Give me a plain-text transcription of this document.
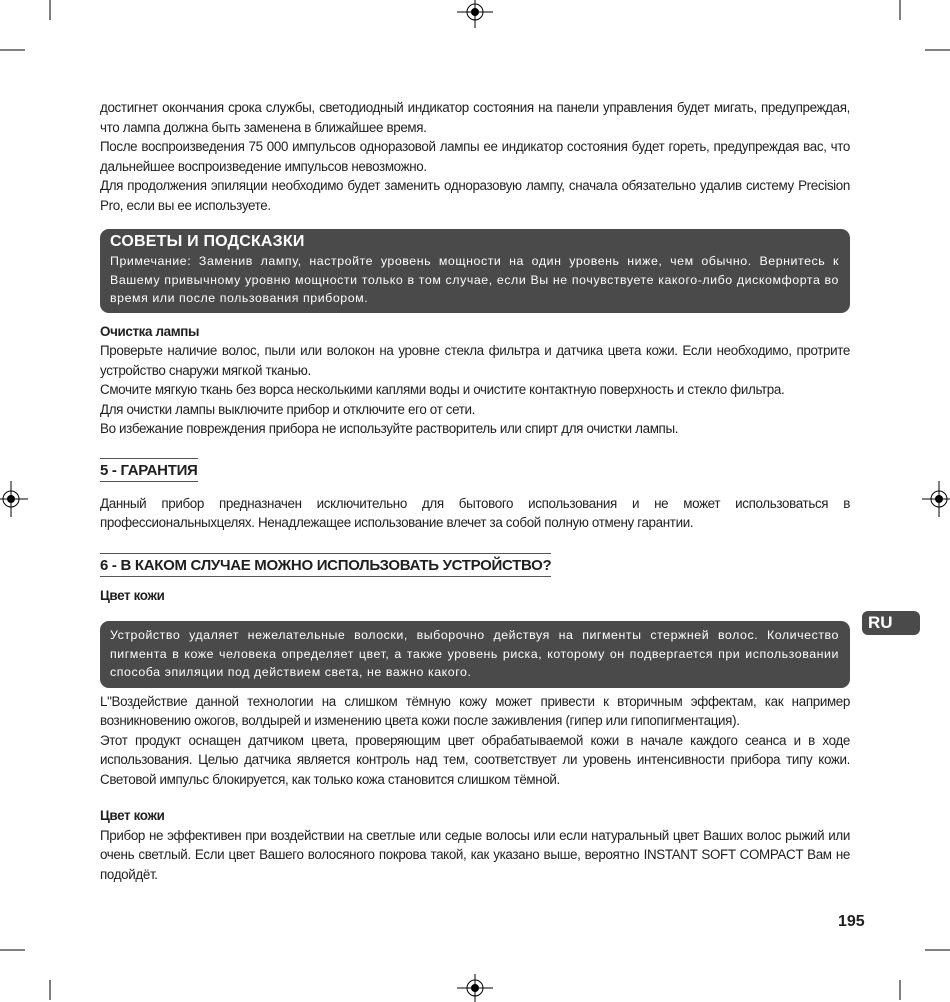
достигнет окончания срока службы, светодиодный индикатор состояния на панели управления будет мигать, предупреждая, что лампа должна быть заменена в ближайшее время.

После воспроизведения 75 000 импульсов одноразовой лампы ее индикатор состояния будет гореть, предупреждая вас, что дальнейшее воспроизведение импульсов невозможно.

Для продолжения эпиляции необходимо будет заменить одноразовую лампу, сначала обязательно удалив систему Precision Pro, если вы ее используете.

СОВЕТЫ И ПОДСКАЗКИ
Примечание: Заменив лампу, настройте уровень мощности на один уровень ниже, чем обычно. Вернитесь к Вашему привычному уровню мощности только в том случае, если Вы не почувствуете какого-либо дискомфорта во время или после пользования прибором.

Очистка лампы

Проверьте наличие волос, пыли или волокон на уровне стекла фильтра и датчика цвета кожи. Если необходимо, протрите устройство снаружи мягкой тканью.

Смочите мягкую ткань без ворса несколькими каплями воды и очистите контактную поверхность и стекло фильтра.

Для очистки лампы выключите прибор и отключите его от сети.

Во избежание повреждения прибора не используйте растворитель или спирт для очистки лампы.

5 - ГАРАНТИЯ

Данный прибор предназначен исключительно для бытового использования и не может использоваться в профессиональныхцелях. Ненадлежащее использование влечет за собой полную отмену гарантии.

6 - В КАКОМ СЛУЧАЕ МОЖНО ИСПОЛЬЗОВАТЬ УСТРОЙСТВО?

Цвет кожи

Устройство удаляет нежелательные волоски, выборочно действуя на пигменты стержней волос. Количество пигмента в коже человека определяет цвет, а также уровень риска, которому он подвергается при использовании способа эпиляции под действием света, не важно какого.

L"Воздействие данной технологии на слишком тёмную кожу может привести к вторичным эффектам, как например возникновению ожогов, волдырей и изменению цвета кожи после заживления (гипер или гипопигментация).

Этот продукт оснащен датчиком цвета, проверяющим цвет обрабатываемой кожи в начале каждого сеанса и в ходе использования. Целью датчика является контроль над тем, соответствует ли уровень интенсивности прибора типу кожи. Световой импульс блокируется, как только кожа становится слишком тёмной.

Цвет кожи

Прибор не эффективен при воздействии на светлые или седые волосы или если натуральный цвет Ваших волос рыжий или очень светлый. Если цвет Вашего волосяного покрова такой, как указано выше, вероятно INSTANT SOFT COMPACT Вам не подойдёт.

RU
195
